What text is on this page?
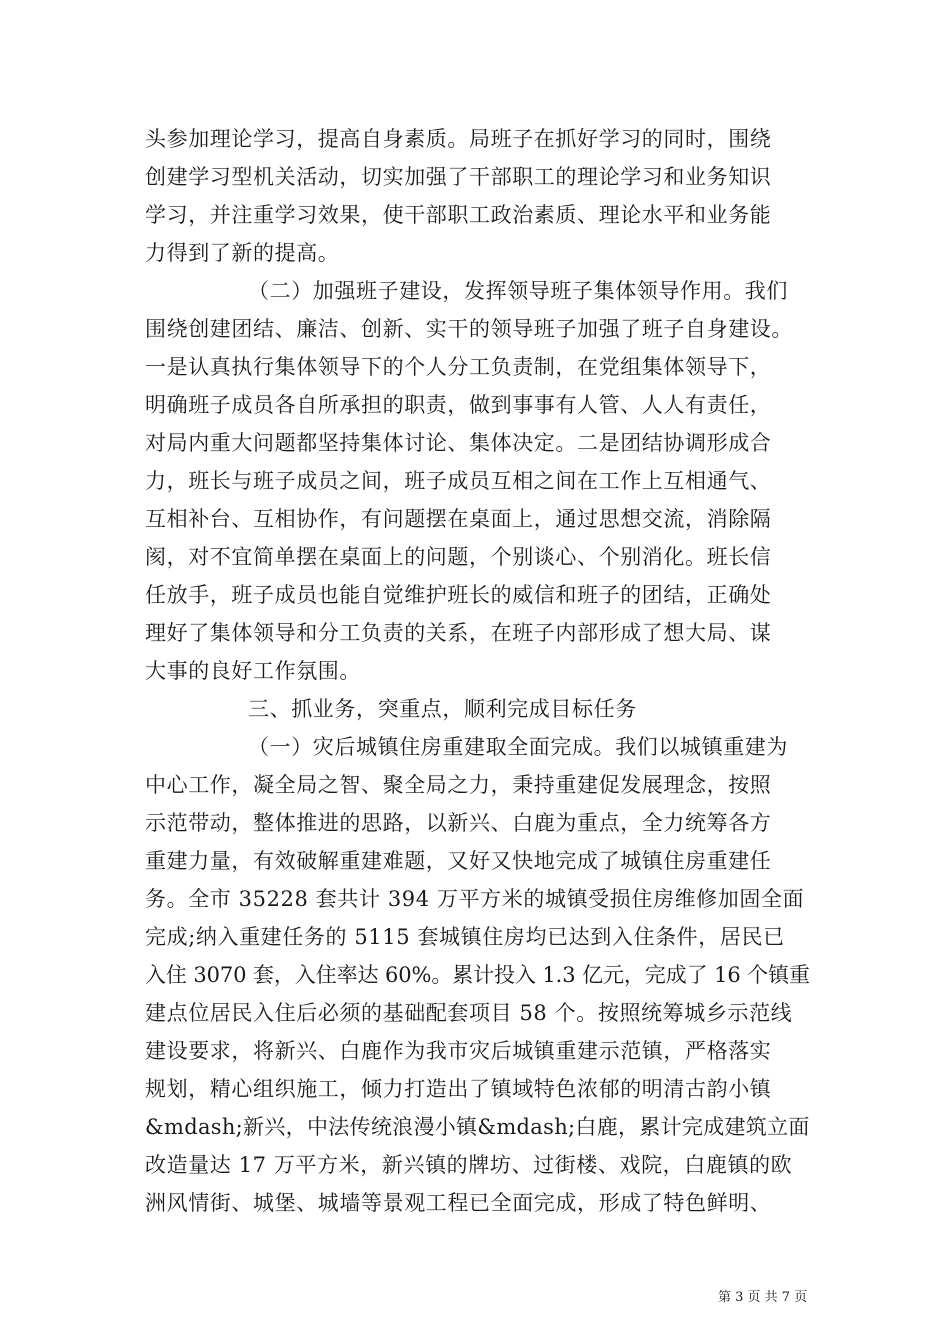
头参加理论学习，提高自身素质。局班子在抓好学习的同时，围绕
创建学习型机关活动，切实加强了干部职工的理论学习和业务知识
学习，并注重学习效果，使干部职工政治素质、理论水平和业务能
力得到了新的提高。
（二）加强班子建设，发挥领导班子集体领导作用。我们
围绕创建团结、廉洁、创新、实干的领导班子加强了班子自身建设。
一是认真执行集体领导下的个人分工负责制，在党组集体领导下，
明确班子成员各自所承担的职责，做到事事有人管、人人有责任，
对局内重大问题都坚持集体讨论、集体决定。二是团结协调形成合
力，班长与班子成员之间，班子成员互相之间在工作上互相通气、
互相补台、互相协作，有问题摆在桌面上，通过思想交流，消除隔
阂，对不宜简单摆在桌面上的问题，个别谈心、个别消化。班长信
任放手，班子成员也能自觉维护班长的威信和班子的团结，正确处
理好了集体领导和分工负责的关系，在班子内部形成了想大局、谋
大事的良好工作氛围。
三、抓业务，突重点，顺利完成目标任务
（一）灾后城镇住房重建取全面完成。我们以城镇重建为
中心工作，凝全局之智、聚全局之力，秉持重建促发展理念，按照
示范带动，整体推进的思路，以新兴、白鹿为重点，全力统筹各方
重建力量，有效破解重建难题，又好又快地完成了城镇住房重建任
务。全市 35228 套共计 394 万平方米的城镇受损住房维修加固全面
完成;纳入重建任务的 5115 套城镇住房均已达到入住条件，居民已
入住 3070 套，入住率达 60%。累计投入 1.3 亿元，完成了 16 个镇重
建点位居民入住后必须的基础配套项目 58 个。按照统筹城乡示范线
建设要求，将新兴、白鹿作为我市灾后城镇重建示范镇，严格落实
规划，精心组织施工，倾力打造出了镇域特色浓郁的明清古韵小镇
&mdash;新兴，中法传统浪漫小镇&mdash;白鹿，累计完成建筑立面
改造量达 17 万平方米，新兴镇的牌坊、过街楼、戏院，白鹿镇的欧
洲风情街、城堡、城墙等景观工程已全面完成，形成了特色鲜明、
第 3 页 共 7 页
